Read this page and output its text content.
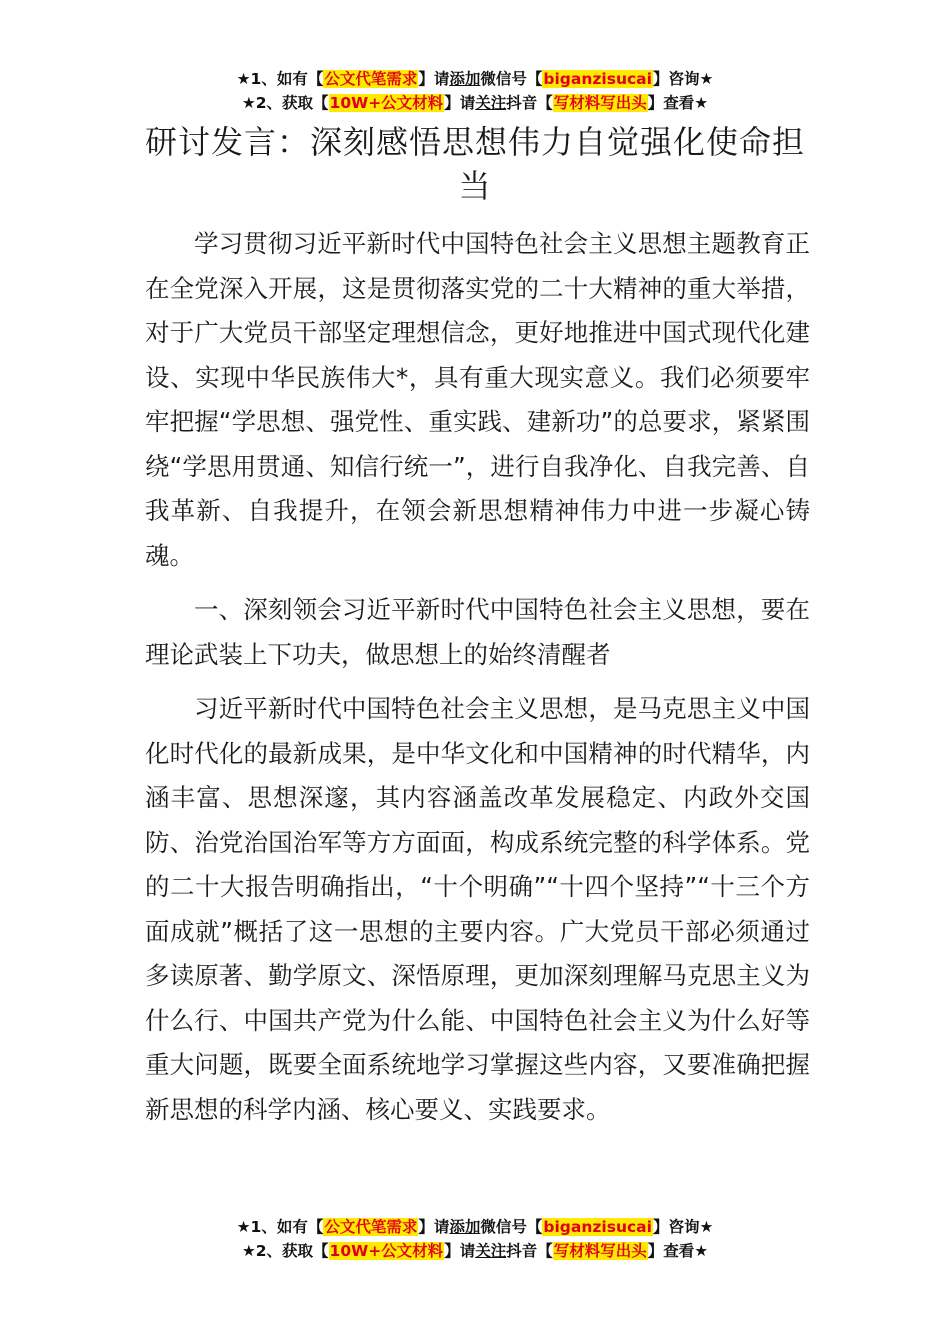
★1、如有【公文代笔需求】请添加微信号【biganzisucai】咨询★
★2、获取【10W+公文材料】请关注抖音【写材料写出头】查看★
研讨发言：深刻感悟思想伟力自觉强化使命担当

学习贯彻习近平新时代中国特色社会主义思想主题教育正在全党深入开展，这是贯彻落实党的二十大精神的重大举措，对于广大党员干部坚定理想信念，更好地推进中国式现代化建设、实现中华民族伟大*，具有重大现实意义。我们必须要牢牢把握“学思想、强党性、重实践、建新功”的总要求，紧紧围绕“学思用贯通、知信行统一”，进行自我净化、自我完善、自我革新、自我提升，在领会新思想精神伟力中进一步凝心铸魂。

一、深刻领会习近平新时代中国特色社会主义思想，要在理论武装上下功夫，做思想上的始终清醒者

习近平新时代中国特色社会主义思想，是马克思主义中国化时代化的最新成果，是中华文化和中国精神的时代精华，内涵丰富、思想深邃，其内容涵盖改革发展稳定、内政外交国防、治党治国治军等方方面面，构成系统完整的科学体系。党的二十大报告明确指出，“十个明确”“十四个坚持”“十三个方面成就”概括了这一思想的主要内容。广大党员干部必须通过多读原著、勤学原文、深悟原理，更加深刻理解马克思主义为什么行、中国共产党为什么能、中国特色社会主义为什么好等重大问题，既要全面系统地学习掌握这些内容，又要准确把握新思想的科学内涵、核心要义、实践要求。

★1、如有【公文代笔需求】请添加微信号【biganzisucai】咨询★
★2、获取【10W+公文材料】请关注抖音【写材料写出头】查看★
